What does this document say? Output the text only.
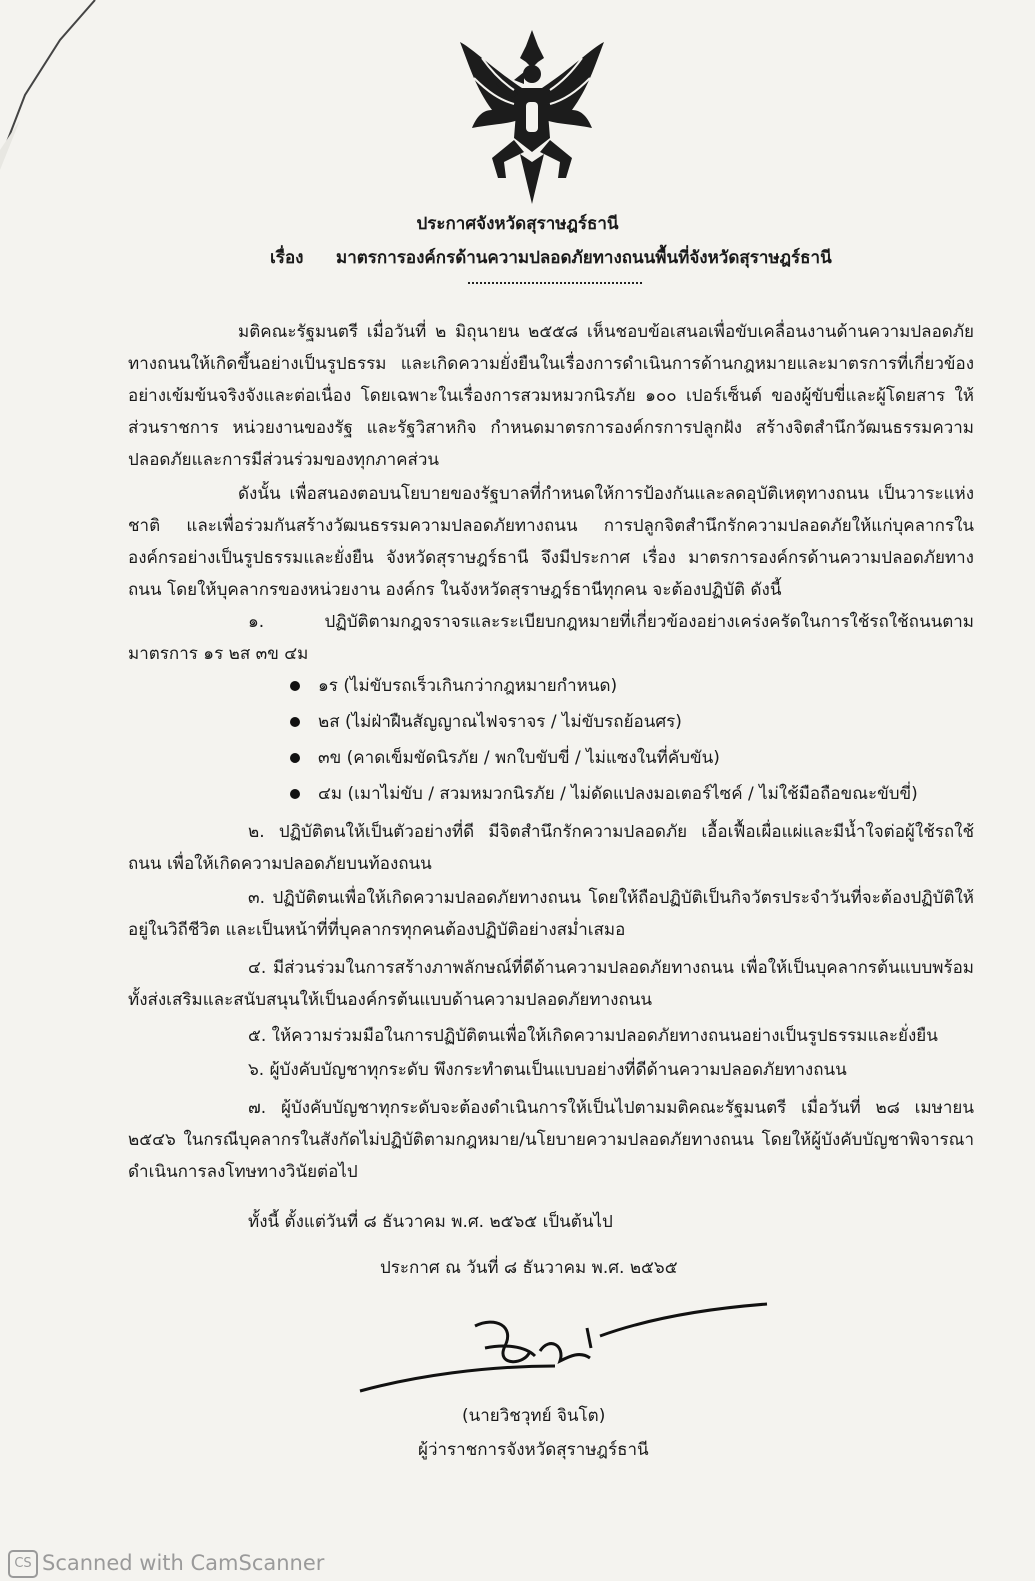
ประกาศจังหวัดสุราษฎร์ธานี
เรื่อง มาตรการองค์กรด้านความปลอดภัยทางถนนพื้นที่จังหวัดสุราษฎร์ธานี

มติคณะรัฐมนตรี เมื่อวันที่ ๒ มิถุนายน ๒๕๕๘ เห็นชอบข้อเสนอเพื่อขับเคลื่อนงานด้านความปลอดภัยทางถนนให้เกิดขึ้นอย่างเป็นรูปธรรม และเกิดความยั่งยืนในเรื่องการดำเนินการด้านกฎหมายและมาตรการที่เกี่ยวข้องอย่างเข้มข้นจริงจังและต่อเนื่อง โดยเฉพาะในเรื่องการสวมหมวกนิรภัย ๑๐๐ เปอร์เซ็นต์ ของผู้ขับขี่และผู้โดยสาร ให้ส่วนราชการ หน่วยงานของรัฐ และรัฐวิสาหกิจ กำหนดมาตรการองค์กรการปลูกฝัง สร้างจิตสำนึกวัฒนธรรมความปลอดภัยและการมีส่วนร่วมของทุกภาคส่วน

ดังนั้น เพื่อสนองตอบนโยบายของรัฐบาลที่กำหนดให้การป้องกันและลดอุบัติเหตุทางถนน เป็นวาระแห่งชาติ และเพื่อร่วมกันสร้างวัฒนธรรมความปลอดภัยทางถนน การปลูกจิตสำนึกรักความปลอดภัยให้แก่บุคลากรในองค์กรอย่างเป็นรูปธรรมและยั่งยืน จังหวัดสุราษฎร์ธานี จึงมีประกาศ เรื่อง มาตรการองค์กรด้านความปลอดภัยทางถนน โดยให้บุคลากรของหน่วยงาน องค์กร ในจังหวัดสุราษฎร์ธานีทุกคน จะต้องปฏิบัติ ดังนี้

๑. ปฏิบัติตามกฎจราจรและระเบียบกฎหมายที่เกี่ยวข้องอย่างเคร่งครัดในการใช้รถใช้ถนนตามมาตรการ ๑ร ๒ส ๓ข ๔ม

๑ร (ไม่ขับรถเร็วเกินกว่ากฎหมายกำหนด)
๒ส (ไม่ฝ่าฝืนสัญญาณไฟจราจร / ไม่ขับรถย้อนศร)
๓ข (คาดเข็มขัดนิรภัย / พกใบขับขี่ / ไม่แซงในที่คับขัน)
๔ม (เมาไม่ขับ / สวมหมวกนิรภัย / ไม่ดัดแปลงมอเตอร์ไซค์ / ไม่ใช้มือถือขณะขับขี่)

๒. ปฏิบัติตนให้เป็นตัวอย่างที่ดี มีจิตสำนึกรักความปลอดภัย เอื้อเฟื้อเผื่อแผ่และมีน้ำใจต่อผู้ใช้รถใช้ถนน เพื่อให้เกิดความปลอดภัยบนท้องถนน

๓. ปฏิบัติตนเพื่อให้เกิดความปลอดภัยทางถนน โดยให้ถือปฏิบัติเป็นกิจวัตรประจำวันที่จะต้องปฏิบัติให้อยู่ในวิถีชีวิต และเป็นหน้าที่ที่บุคลากรทุกคนต้องปฏิบัติอย่างสม่ำเสมอ

๔. มีส่วนร่วมในการสร้างภาพลักษณ์ที่ดีด้านความปลอดภัยทางถนน เพื่อให้เป็นบุคลากรต้นแบบพร้อมทั้งส่งเสริมและสนับสนุนให้เป็นองค์กรต้นแบบด้านความปลอดภัยทางถนน

๕. ให้ความร่วมมือในการปฏิบัติตนเพื่อให้เกิดความปลอดภัยทางถนนอย่างเป็นรูปธรรมและยั่งยืน

๖. ผู้บังคับบัญชาทุกระดับ พึงกระทำตนเป็นแบบอย่างที่ดีด้านความปลอดภัยทางถนน

๗. ผู้บังคับบัญชาทุกระดับจะต้องดำเนินการให้เป็นไปตามมติคณะรัฐมนตรี เมื่อวันที่ ๒๘ เมษายน ๒๕๔๖ ในกรณีบุคลากรในสังกัดไม่ปฏิบัติตามกฎหมาย/นโยบายความปลอดภัยทางถนน โดยให้ผู้บังคับบัญชาพิจารณาดำเนินการลงโทษทางวินัยต่อไป

ทั้งนี้ ตั้งแต่วันที่ ๘ ธันวาคม พ.ศ. ๒๕๖๕ เป็นต้นไป
ประกาศ ณ วันที่ ๘ ธันวาคม พ.ศ. ๒๕๖๕
(นายวิชวุทย์ จินโต)
ผู้ว่าราชการจังหวัดสุราษฎร์ธานี
CS Scanned with CamScanner
